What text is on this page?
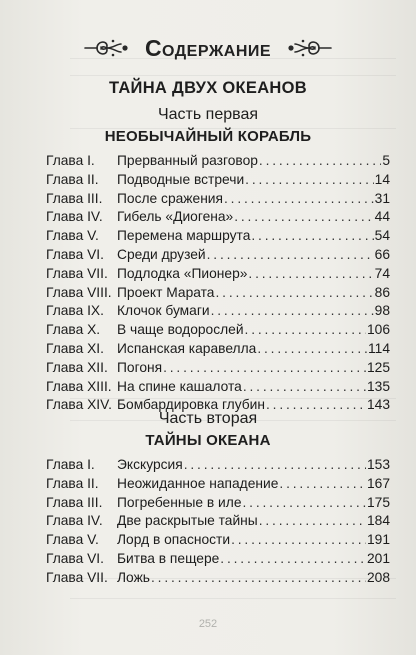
Содержание
ТАЙНА ДВУХ ОКЕАНОВ
Часть первая
НЕОБЫЧАЙНЫЙ КОРАБЛЬ
Глава I.	Прерванный разговор . . .	5
Глава II.	Подводные встречи . . .	14
Глава III.	После сражения . . .	31
Глава IV.	Гибель «Диогена» . . .	44
Глава V.	Перемена маршрута . . .	54
Глава VI. Среди друзей . . .	66
Глава VII. Подлодка «Пионер» . . .	74
Глава VIII. Проект Марата . . .	86
Глава IX. Клочок бумаги . . .	98
Глава X.	В чаще водорослей . . .	106
Глава XI. Испанская каравелла . . .	114
Глава XII. Погоня . . .	125
Глава XIII. На спине кашалота . . .	135
Глава XIV. Бомбардировка глубин . . .	143
Часть вторая
ТАЙНЫ ОКЕАНА
Глава I.	Экскурсия . . .	153
Глава II.	Неожиданное нападение . . .	167
Глава III.	Погребенные в иле . . .	175
Глава IV.	Две раскрытые тайны . . .	184
Глава V.	Лорд в опасности . . .	191
Глава VI. Битва в пещере . . .	201
Глава VII. Ложь . . .	208
252
